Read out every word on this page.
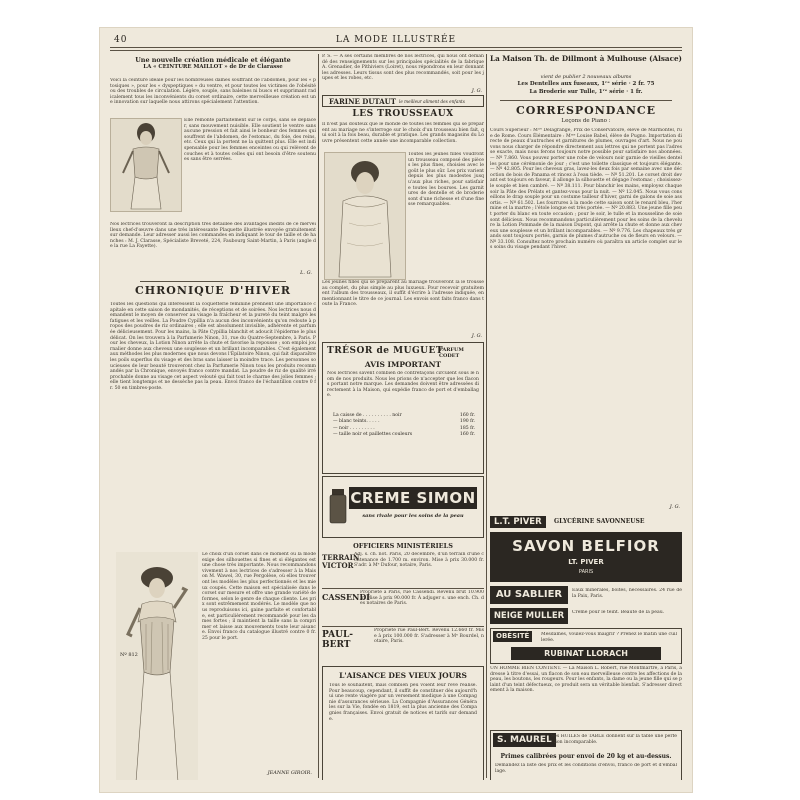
40	LA MODE ILLUSTRÉE
Une nouvelle création médicale et élégante
LA « CEINTURE MAILLOT » de Dr de Clarasse
Voici la ceinture idéale pour les nombreuses dames souffrant de l'abdomen, pour les « ptosiques », pour les « dyspeptiques » du ventre, et pour toutes les victimes de l'obésité ou des troubles de circulation. Légère, souple, sans baleines ni buscs et supprimant radicalement tous les inconvénients du corset ordinaire, cette merveilleuse création est une innovation sur laquelle nous attirons spécialement l'attention.
Elle remonte parfaitement sur le corps, sans se déplacer, sans mouvement nuisible. Elle soutient le ventre sans aucune pression et fait ainsi le bonheur des femmes qui souffrent de l'abdomen, de l'estomac, du foie, des reins, etc. Ceux qui la portent ne la quittent plus. Elle est indispensable pour les femmes enceintes ou qui relèvent de couches et à toutes celles qui ont besoin d'être soutenues sans être serrées.
Nos lectrices trouveront la description très détaillée des avantages inédits de ce merveilleux chef-d'œuvre dans une très intéressante Plaquette illustrée envoyée gratuitement sur demande. Leur adresser aussi les commandes en indiquant le tour de taille et de hanches : M. J. Clarasse, Spécialiste Breveté, 224, Faubourg Saint-Martin, à Paris (angle de la rue La Fayette).
L. G.
CHRONIQUE D'HIVER
Toutes les questions qui intéressent la coquetterie féminine prennent une importance capitale en cette saison de mondanités, de réceptions et de soirées. Nos lectrices nous demandent le moyen de conserver au visage la fraîcheur et la pureté du teint malgré les fatigues et les veilles. La Poudre Cypillia n'a aucun des inconvénients qu'on redoute à propos des poudres de riz ordinaires ; elle est absolument invisible, adhérente et parfumée délicieusement. Pour les mains, la Pâte Cypillia blanchit et adoucit l'épiderme le plus délicat. On les trouvera à la Parfumerie Ninon, 31, rue du Quatre-Septembre, à Paris. Pour les cheveux, la Lotion Ninon arrête la chute et favorise la repousse ; son emploi journalier donne aux cheveux une souplesse et un brillant incomparables. C'est également aux méthodes les plus modernes que nous devons l'Épilatoire Ninon, qui fait disparaître les poils superflus du visage et des bras sans laisser la moindre trace. Les personnes soucieuses de leur beauté trouveront chez la Parfumerie Ninon tous les produits recommandés par la Chronique, envoyés franco contre mandat. La poudre de riz de qualité irréprochable donne au visage cet aspect velouté qui fait tout le charme des jolies femmes ; elle tient longtemps et ne dessèche pas la peau. Envoi franco de l'échantillon contre 0 fr. 50 en timbres-poste.
Nº 812
Le choix d'un corset dans ce moment où la mode exige des silhouettes si fines et si élégantes est une chose très importante. Nous recommandons vivement à nos lectrices de s'adresser à la Maison M. Wawel, 30, rue Pergolèse, où elles trouveront les modèles les plus perfectionnés et les mieux coupés. Cette maison est spécialisée dans le corset sur mesure et offre une grande variété de formes, selon le genre de chaque cliente. Les prix sont extrêmement modérés. Le modèle que nous reproduisons ici, gaine parfaite et confortable, est particulièrement recommandé pour les dames fortes ; il maintient la taille sans la comprimer et laisse aux mouvements toute leur aisance. Envoi franco du catalogue illustré contre 0 fr. 25 pour le port.
JEANNE GIROIR.
P. S. — A ses certains membres de nos lectrices, qui nous ont demandé des renseignements sur les principales spécialités de la fabrique A. Grenadier, de Pithiviers (Loiret), nous répondrons en leur donnant les adresses. Leurs tissus sont des plus recommandés, soit pour les jupes et les robes, etc.
J. G.
FARINE DUTAUT le meilleur aliment des enfants
LES TROUSSEAUX
Il n'est pas douteux que le monde de toutes les femmes qui se préparent au mariage ne s'interroge sur le choix d'un trousseau bien fait, qui soit à la fois beau, durable et pratique. Les grands magasins du Louvre présentent cette année une incomparable collection.
Toutes les jeunes filles voudront un trousseau composé des pièces les plus fines, choisies avec le goût le plus sûr. Les prix varient depuis les plus modestes jusqu'aux plus riches, pour satisfaire toutes les bourses. Les garnitures de dentelle et de broderie sont d'une richesse et d'une finesse remarquables.
Les jeunes filles qui se préparent au mariage trouveront là le trousseau complet, du plus simple au plus luxueux. Pour recevoir gratuitement l'album des trousseaux, il suffit d'écrire à l'adresse indiquée, en mentionnant le titre de ce journal. Les envois sont faits franco dans toute la France.
J. G.
TRÉSOR de MUGUET
PARFUM CODET
AVIS IMPORTANT
Nos lectrices savent combien de contrefaçons circulent sous le nom de nos produits. Nous les prions de n'accepter que les flacons portant notre marque. Les demandes doivent être adressées directement à la Maison, qui expédie franco de port et d'emballage.
La caisse de . . . . . . . . . . noir	160 fr.
— blanc teints. . . . .	190 fr.
— noir . . . . . . . . .	185 fr.
— taille noir et paillettes couleurs	160 fr.
CREME SIMON
sans rivale pour les soins de la peau
OFFICIERS MINISTÉRIELS
TERRAIN VICTOR
Adj. s. ch. not. Paris, 20 décembre, d'un terrain d'une contenance de 1.700 m. environ. Mise à prix 30.000 fr. S'adr. à Mᵉ Dufour, notaire, Paris.
CASSENDI
Propriété à Paris, rue Cassendi. Revenu brut 10.900 fr. Mise à prix 90.000 fr. À adjuger s. une ench. Ch. des notaires de Paris.
PAUL-BERT
Propriété rue Paul-Bert. Revenu 12.660 fr. Mise à prix 100.000 fr. S'adresser à Mᵉ Bourdel, notaire, Paris.
L'AISANCE DES VIEUX JOURS
Tous le souhaitent, mais combien peu voient leur rêve réalisé. Pour beaucoup, cependant, il suffit de constituer dès aujourd'hui une rente viagère par un versement modique à une Compagnie d'assurances sérieuse. La Compagnie d'Assurances Générales sur la Vie, fondée en 1819, est la plus ancienne des Compagnies françaises. Envoi gratuit de notices et tarifs sur demande.
La Maison Th. de Dillmont à Mulhouse (Alsace)
vient de publier 2 nouveaux albums
Les Dentelles aux fuseaux, 1ʳᵉ série · 2 fr. 75
La Broderie sur Tulle, 1ʳᵉ série · 1 fr.
CORRESPONDANCE
Leçons de Piano :
Cours Supérieur : Mˡˡᵉ Delagrange, Prix de Conservatoire, élève de Marmontel, rue de Rome. Cours Élémentaire : Mᵐᵉ Louise Babel, élève de Pugno. Importation directe de peaux d'autruches et garnitures de plumes, ouvrages d'art. Nous ne pouvons nous charger de répondre directement aux lettres qui ne portent pas l'adresse exacte, mais nous ferons toujours notre possible pour satisfaire nos abonnées. — Nº 7.860. Vous pouvez porter une robe de velours noir garnie de vieilles dentelles pour une cérémonie de jour ; c'est une toilette classique et toujours élégante. — Nº 42.805. Pour les cheveux gras, lavez-les deux fois par semaine avec une décoction de bois de Panama et rincez à l'eau tiède. — Nº 51.201. Le corset droit devant est toujours en faveur, il allonge la silhouette et dégage l'estomac ; choisissez-le souple et bien cambré. — Nº 38.111. Pour blanchir les mains, employez chaque soir la Pâte des Prélats et gantez-vous pour la nuit. — Nº 12.045. Nous vous conseillons le drap souple pour un costume tailleur d'hiver, garni de galons de soie assortis. — Nº 61.502. Les fourrures à la mode cette saison sont le renard bleu, l'hermine et la martre ; l'étole longue est très portée. — Nº 20.883. Une jeune fille peut porter du blanc en toute occasion ; pour le soir, le tulle et la mousseline de soie sont délicieux. Nous recommandons particulièrement pour les soins de la chevelure la Lotion Pommade de la maison Dupont, qui arrête la chute et donne aux cheveux une souplesse et un brillant incomparables. — Nº 9.776. Les chapeaux très grands sont toujours portés, garnis de plumes d'autruche ou de fleurs en velours. — Nº 33.108. Consultez notre prochain numéro où paraîtra un article complet sur les soins du visage pendant l'hiver.
J. G.
L.T. PIVER	GLYCÉRINE SAVONNEUSE
SAVON BELFIOR
LT. PIVER
PARIS
AU SABLIER	Eaux minérales, boîtes, nécessaires. 24 rue de la Paix, Paris.
NEIGE MULLER	Crème pour le teint. Beauté de la peau.
OBÉSITÉ	Mesdames, voulez-vous maigrir ? Prenez le matin une cuillerée.
RUBINAT LLORACH
UN HOMME BIEN CONTENT. — La Maison L. Robert, rue Montmartre, à Paris, adresse à titre d'essai, un flacon de son eau merveilleuse contre les affections de la peau, les boutons, les rougeurs. Pour les enfants, la dame ou la jeune fille qui se plaint d'un teint défectueux, ce produit sera un véritable bienfait. S'adresser directement à la maison.
S. MAUREL Ses HUILES de TABLE donnent sur la table une perfection incomparable.
Primes calibrées pour envoi de 20 kg et au-dessus.
Demandez la liste des prix et les conditions d'envoi, franco de port et d'emballage.
